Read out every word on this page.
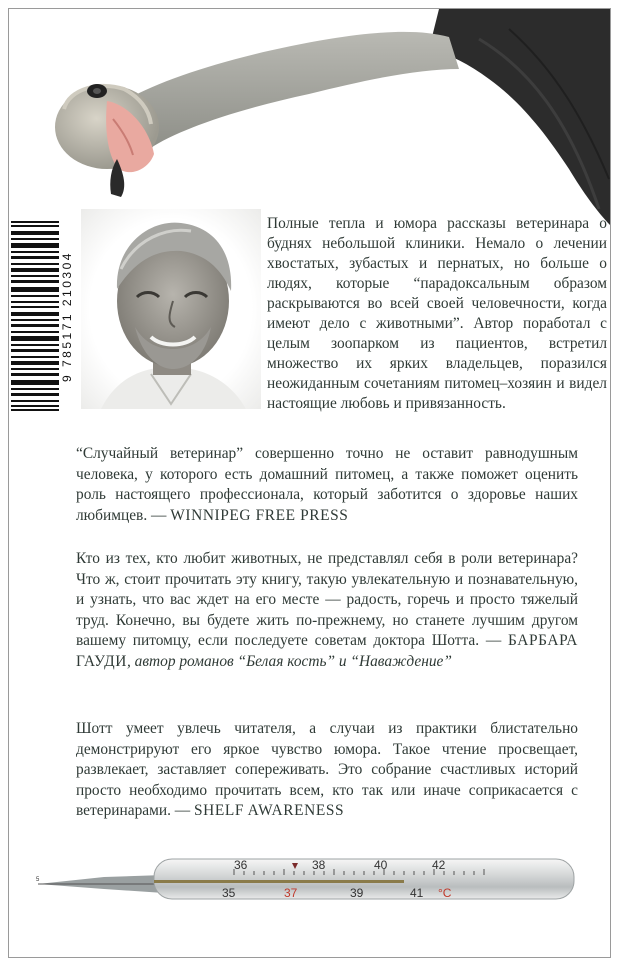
9 785171 210304

Полные тепла и юмора рассказы ветеринара о буднях небольшой клиники. Немало о лечении хвостатых, зубастых и пернатых, но больше о людях, которые “парадоксальным образом раскрываются во всей своей человечности, когда имеют дело с животными”. Автор поработал с целым зоопарком из пациентов, встретил множество их ярких владельцев, поразился неожиданным сочетаниям питомец–хозяин и видел настоящие любовь и привязанность.

“Случайный ветеринар” совершенно точно не оставит равнодушным человека, у которого есть домашний питомец, а также поможет оценить роль настоящего профессионала, который заботится о здоровье наших любимцев. — WINNIPEG FREE PRESS

Кто из тех, кто любит животных, не представлял себя в роли ветеринара? Что ж, стоит прочитать эту книгу, такую увлекательную и познавательную, и узнать, что вас ждет на его месте — радость, горечь и просто тяжелый труд. Конечно, вы будете жить по-прежнему, но станете лучшим другом вашему питомцу, если последуете советам доктора Шотта. — БАРБАРА ГАУДИ, автор романов “Белая кость” и “Наваждение”

Шотт умеет увлечь читателя, а случаи из практики блистательно демонстрируют его яркое чувство юмора. Такое чтение просвещает, развлекает, заставляет сопереживать. Это собрание счастливых историй просто необходимо прочитать всем, кто так или иначе соприкасается с ветеринарами. — SHELF AWARENESS

36	38	40	42
35	37	39	41 °C
5
